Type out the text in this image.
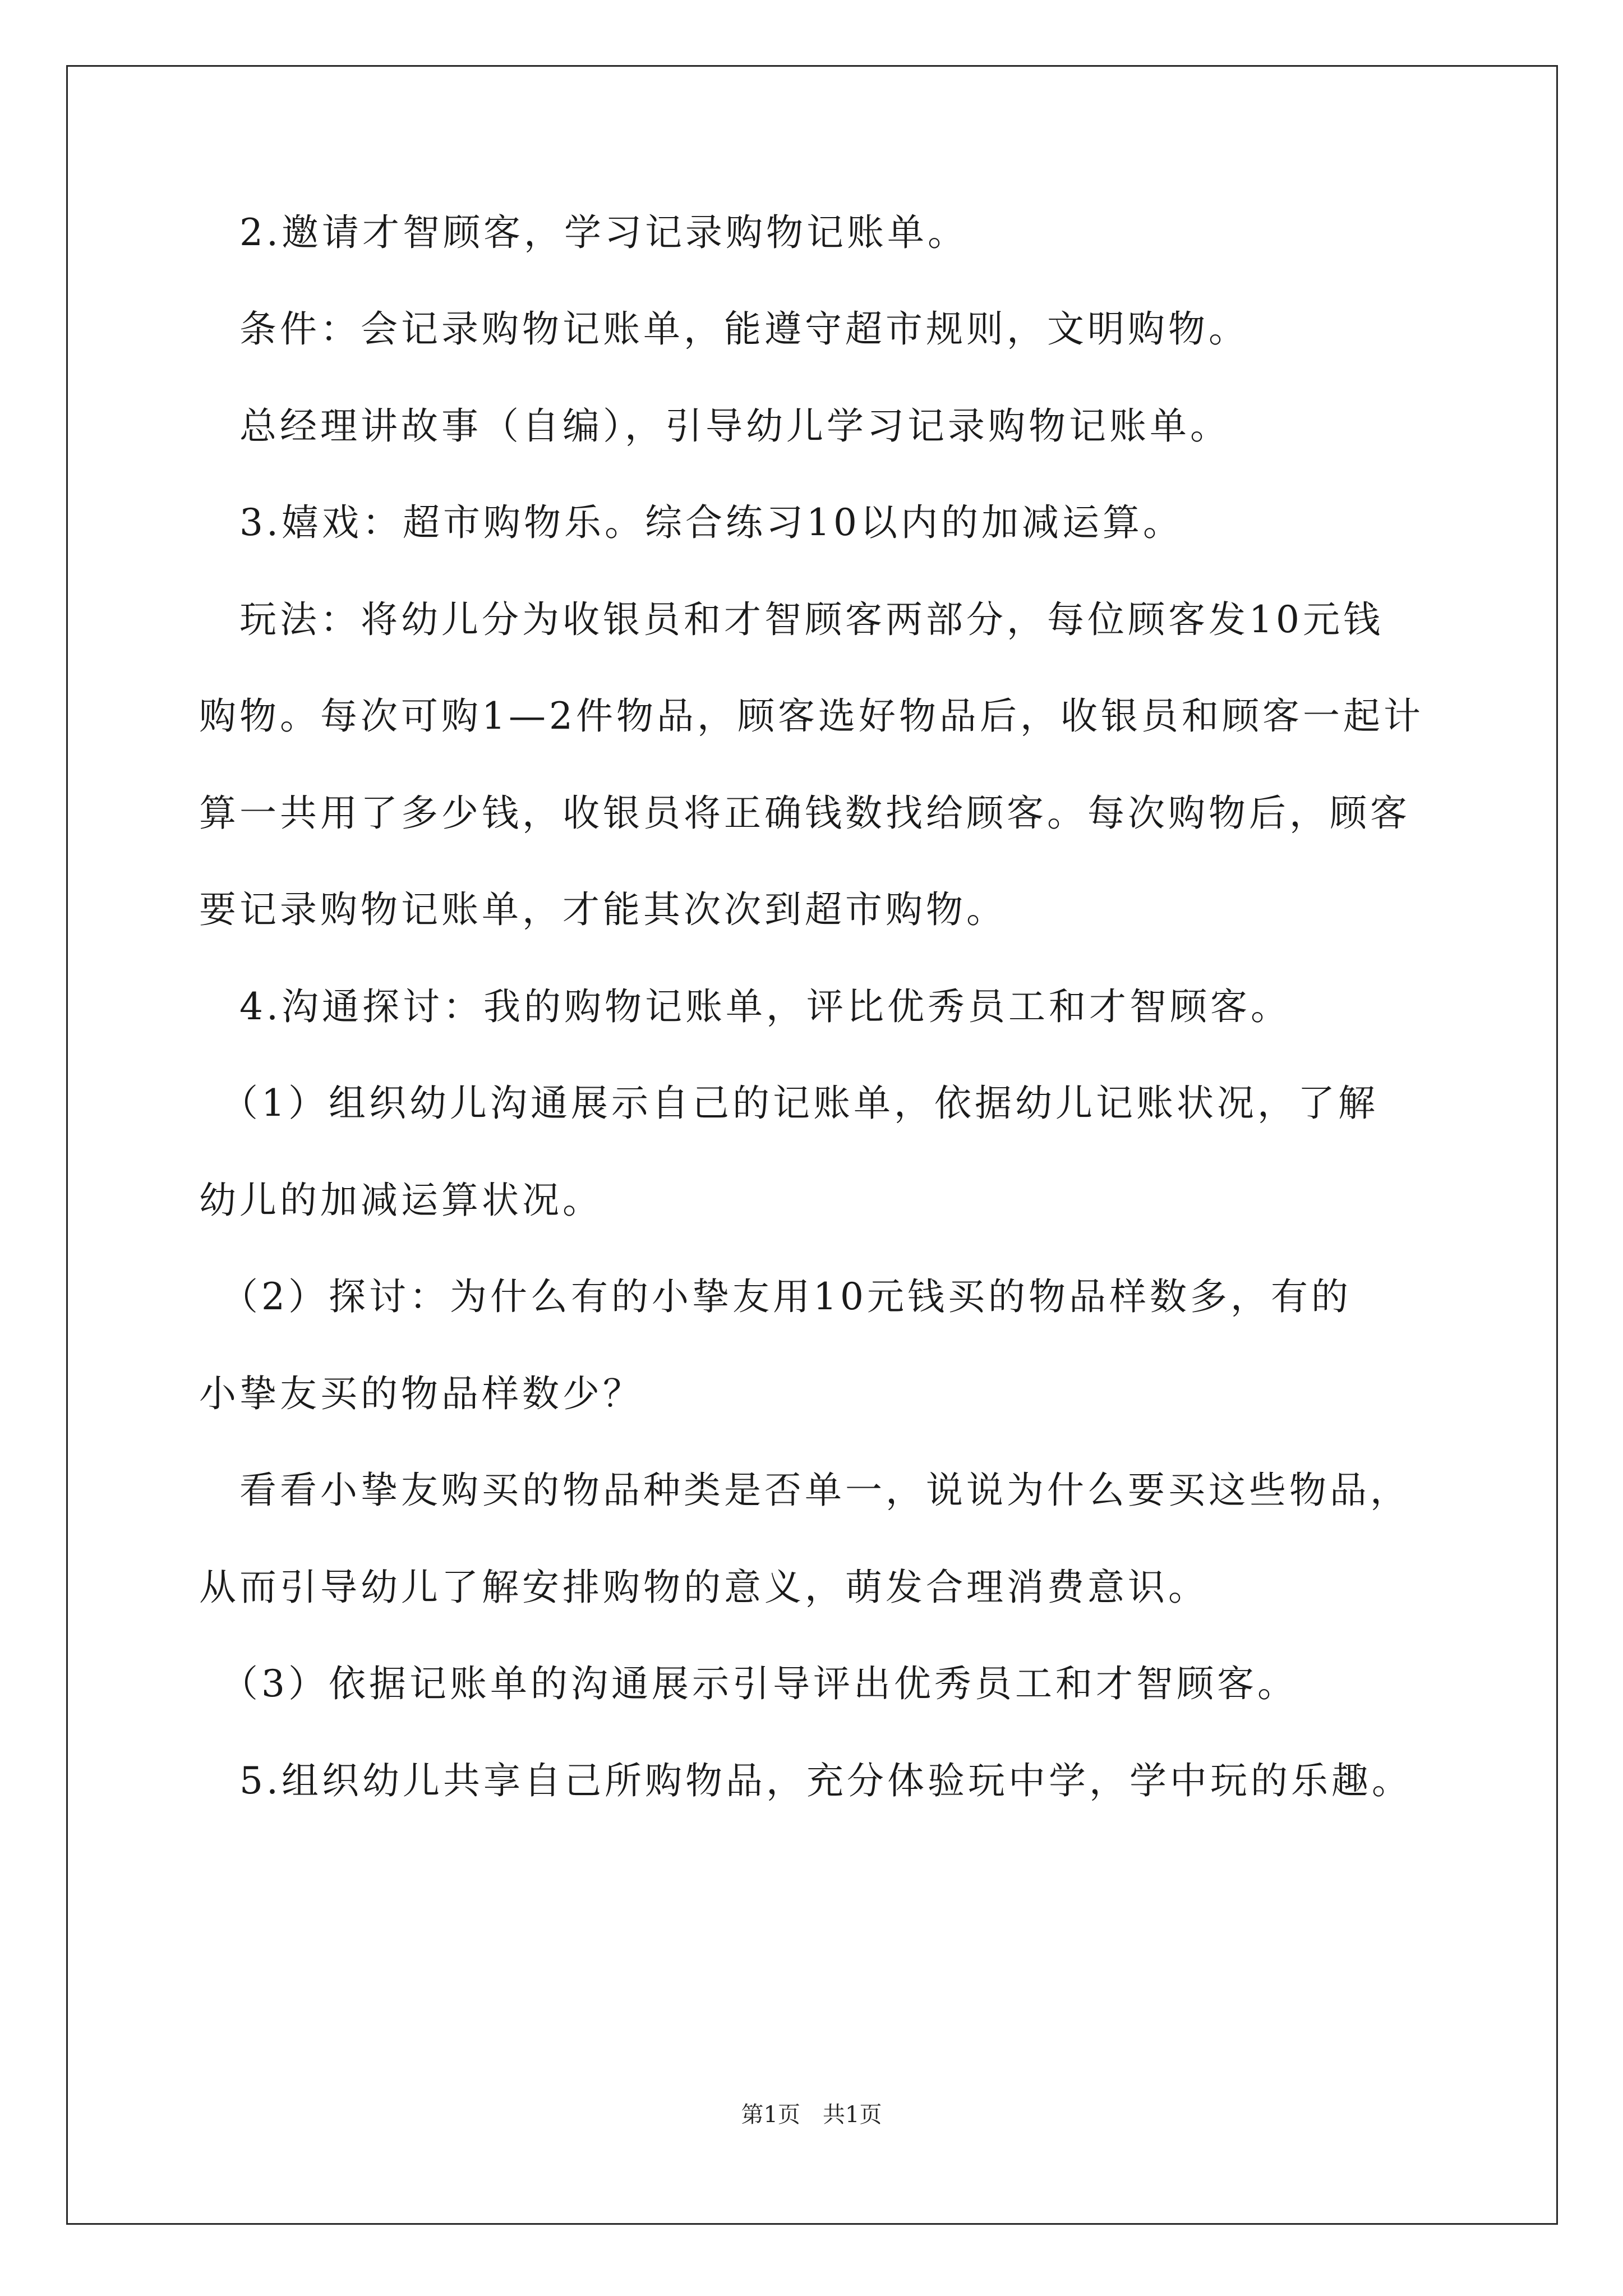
　2.邀请才智顾客，学习记录购物记账单。
　条件：会记录购物记账单，能遵守超市规则，文明购物。
　总经理讲故事（自编），引导幼儿学习记录购物记账单。
　3.嬉戏：超市购物乐。综合练习10以内的加减运算。
　玩法：将幼儿分为收银员和才智顾客两部分，每位顾客发10元钱
购物。每次可购1—2件物品，顾客选好物品后，收银员和顾客一起计
算一共用了多少钱，收银员将正确钱数找给顾客。每次购物后，顾客
要记录购物记账单，才能其次次到超市购物。
　4.沟通探讨：我的购物记账单，评比优秀员工和才智顾客。
　（1）组织幼儿沟通展示自己的记账单，依据幼儿记账状况，了解
幼儿的加减运算状况。
　（2）探讨：为什么有的小挚友用10元钱买的物品样数多，有的
小挚友买的物品样数少？
　看看小挚友购买的物品种类是否单一，说说为什么要买这些物品，
从而引导幼儿了解安排购物的意义，萌发合理消费意识。
　（3）依据记账单的沟通展示引导评出优秀员工和才智顾客。
　5.组织幼儿共享自己所购物品，充分体验玩中学，学中玩的乐趣。
第1页　共1页
